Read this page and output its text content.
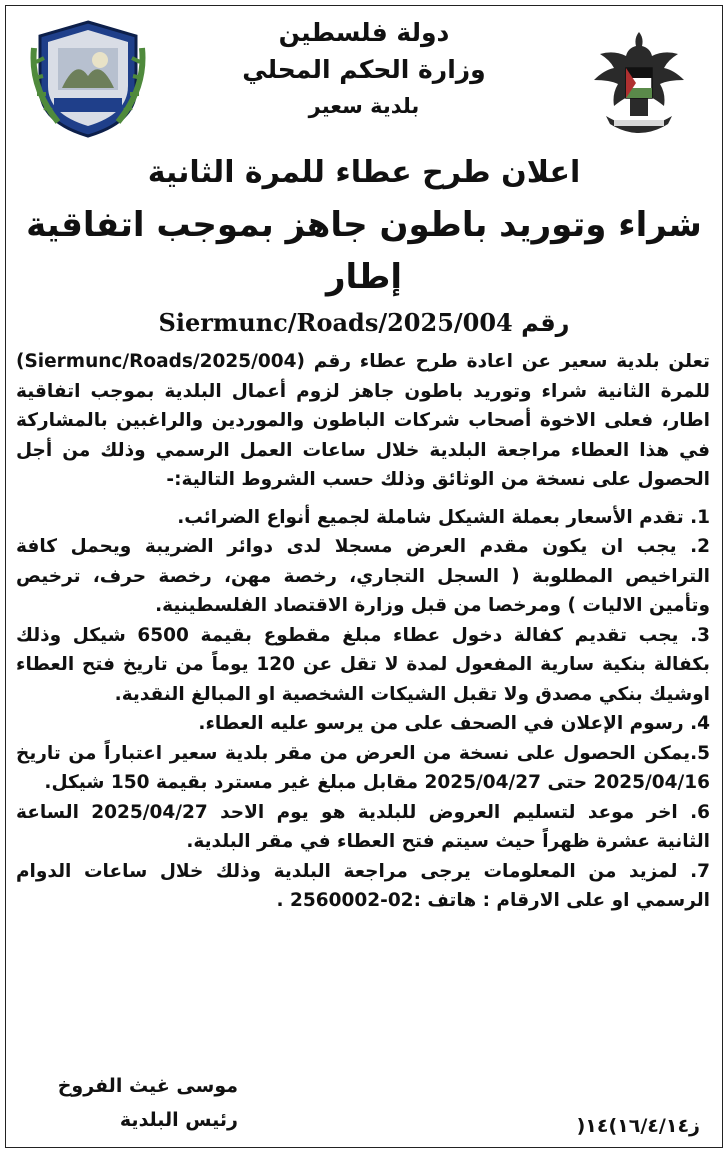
دولة فلسطين
وزارة الحكم المحلي
بلدية سعير
اعلان طرح عطاء للمرة الثانية
شراء وتوريد باطون جاهز بموجب اتفاقية إطار
رقم Siermunc/Roads/2025/004

تعلن بلدية سعير عن اعادة طرح عطاء رقم (Siermunc/Roads/2025/004) للمرة الثانية شراء وتوريد باطون جاهز لزوم أعمال البلدية بموجب اتفاقية اطار، فعلى الاخوة أصحاب شركات الباطون والموردين والراغبين بالمشاركة في هذا العطاء مراجعة البلدية خلال ساعات العمل الرسمي وذلك من أجل الحصول على نسخة من الوثائق وذلك حسب الشروط التالية:-

1. تقدم الأسعار بعملة الشيكل شاملة لجميع أنواع الضرائب.

2. يجب ان يكون مقدم العرض مسجلا لدى دوائر الضريبة ويحمل كافة التراخيص المطلوبة ( السجل التجاري، رخصة مهن، رخصة حرف، ترخيص وتأمين الاليات ) ومرخصا من قبل وزارة الاقتصاد الفلسطينية.

3. يجب تقديم كفالة دخول عطاء مبلغ مقطوع بقيمة 6500 شيكل وذلك بكفالة بنكية سارية المفعول لمدة لا تقل عن 120 يوماً من تاريخ فتح العطاء اوشيك بنكي مصدق ولا تقبل الشيكات الشخصية او المبالغ النقدية.

4. رسوم الإعلان في الصحف على من يرسو عليه العطاء.

5.يمكن الحصول على نسخة من العرض من مقر بلدية سعير اعتباراً من تاريخ 2025/04/16 حتى 2025/04/27 مقابل مبلغ غير مسترد بقيمة 150 شيكل.

6. اخر موعد لتسليم العروض للبلدية هو يوم الاحد 2025/04/27 الساعة الثانية عشرة ظهراً حيث سيتم فتح العطاء في مقر البلدية.

7. لمزيد من المعلومات يرجى مراجعة البلدية وذلك خلال ساعات الدوام الرسمي او على الارقام : هاتف :02-2560002 .

موسى غيث الفروخ
رئيس البلدية	ز١٦/٤/١٤)١٤(
